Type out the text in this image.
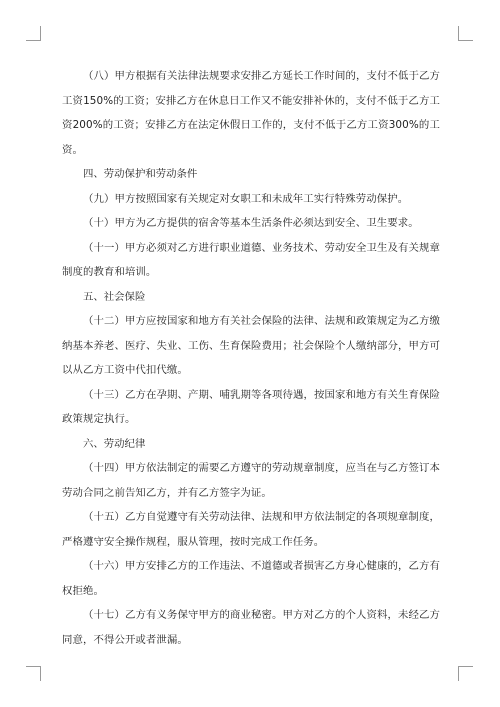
（八）甲方根据有关法律法规要求安排乙方延长工作时间的，支付不低于乙方工资150%的工资；安排乙方在休息日工作又不能安排补休的，支付不低于乙方工资200%的工资；安排乙方在法定休假日工作的，支付不低于乙方工资300%的工资。

四、劳动保护和劳动条件

（九）甲方按照国家有关规定对女职工和未成年工实行特殊劳动保护。

（十）甲方为乙方提供的宿舍等基本生活条件必须达到安全、卫生要求。

（十一）甲方必须对乙方进行职业道德、业务技术、劳动安全卫生及有关规章制度的教育和培训。

五、社会保险

（十二）甲方应按国家和地方有关社会保险的法律、法规和政策规定为乙方缴纳基本养老、医疗、失业、工伤、生育保险费用；社会保险个人缴纳部分，甲方可以从乙方工资中代扣代缴。

（十三）乙方在孕期、产期、哺乳期等各项待遇，按国家和地方有关生育保险政策规定执行。

六、劳动纪律

（十四）甲方依法制定的需要乙方遵守的劳动规章制度，应当在与乙方签订本劳动合同之前告知乙方，并有乙方签字为证。

（十五）乙方自觉遵守有关劳动法律、法规和甲方依法制定的各项规章制度，严格遵守安全操作规程，服从管理，按时完成工作任务。

（十六）甲方安排乙方的工作违法、不道德或者损害乙方身心健康的，乙方有权拒绝。

（十七）乙方有义务保守甲方的商业秘密。甲方对乙方的个人资料，未经乙方同意，不得公开或者泄漏。
